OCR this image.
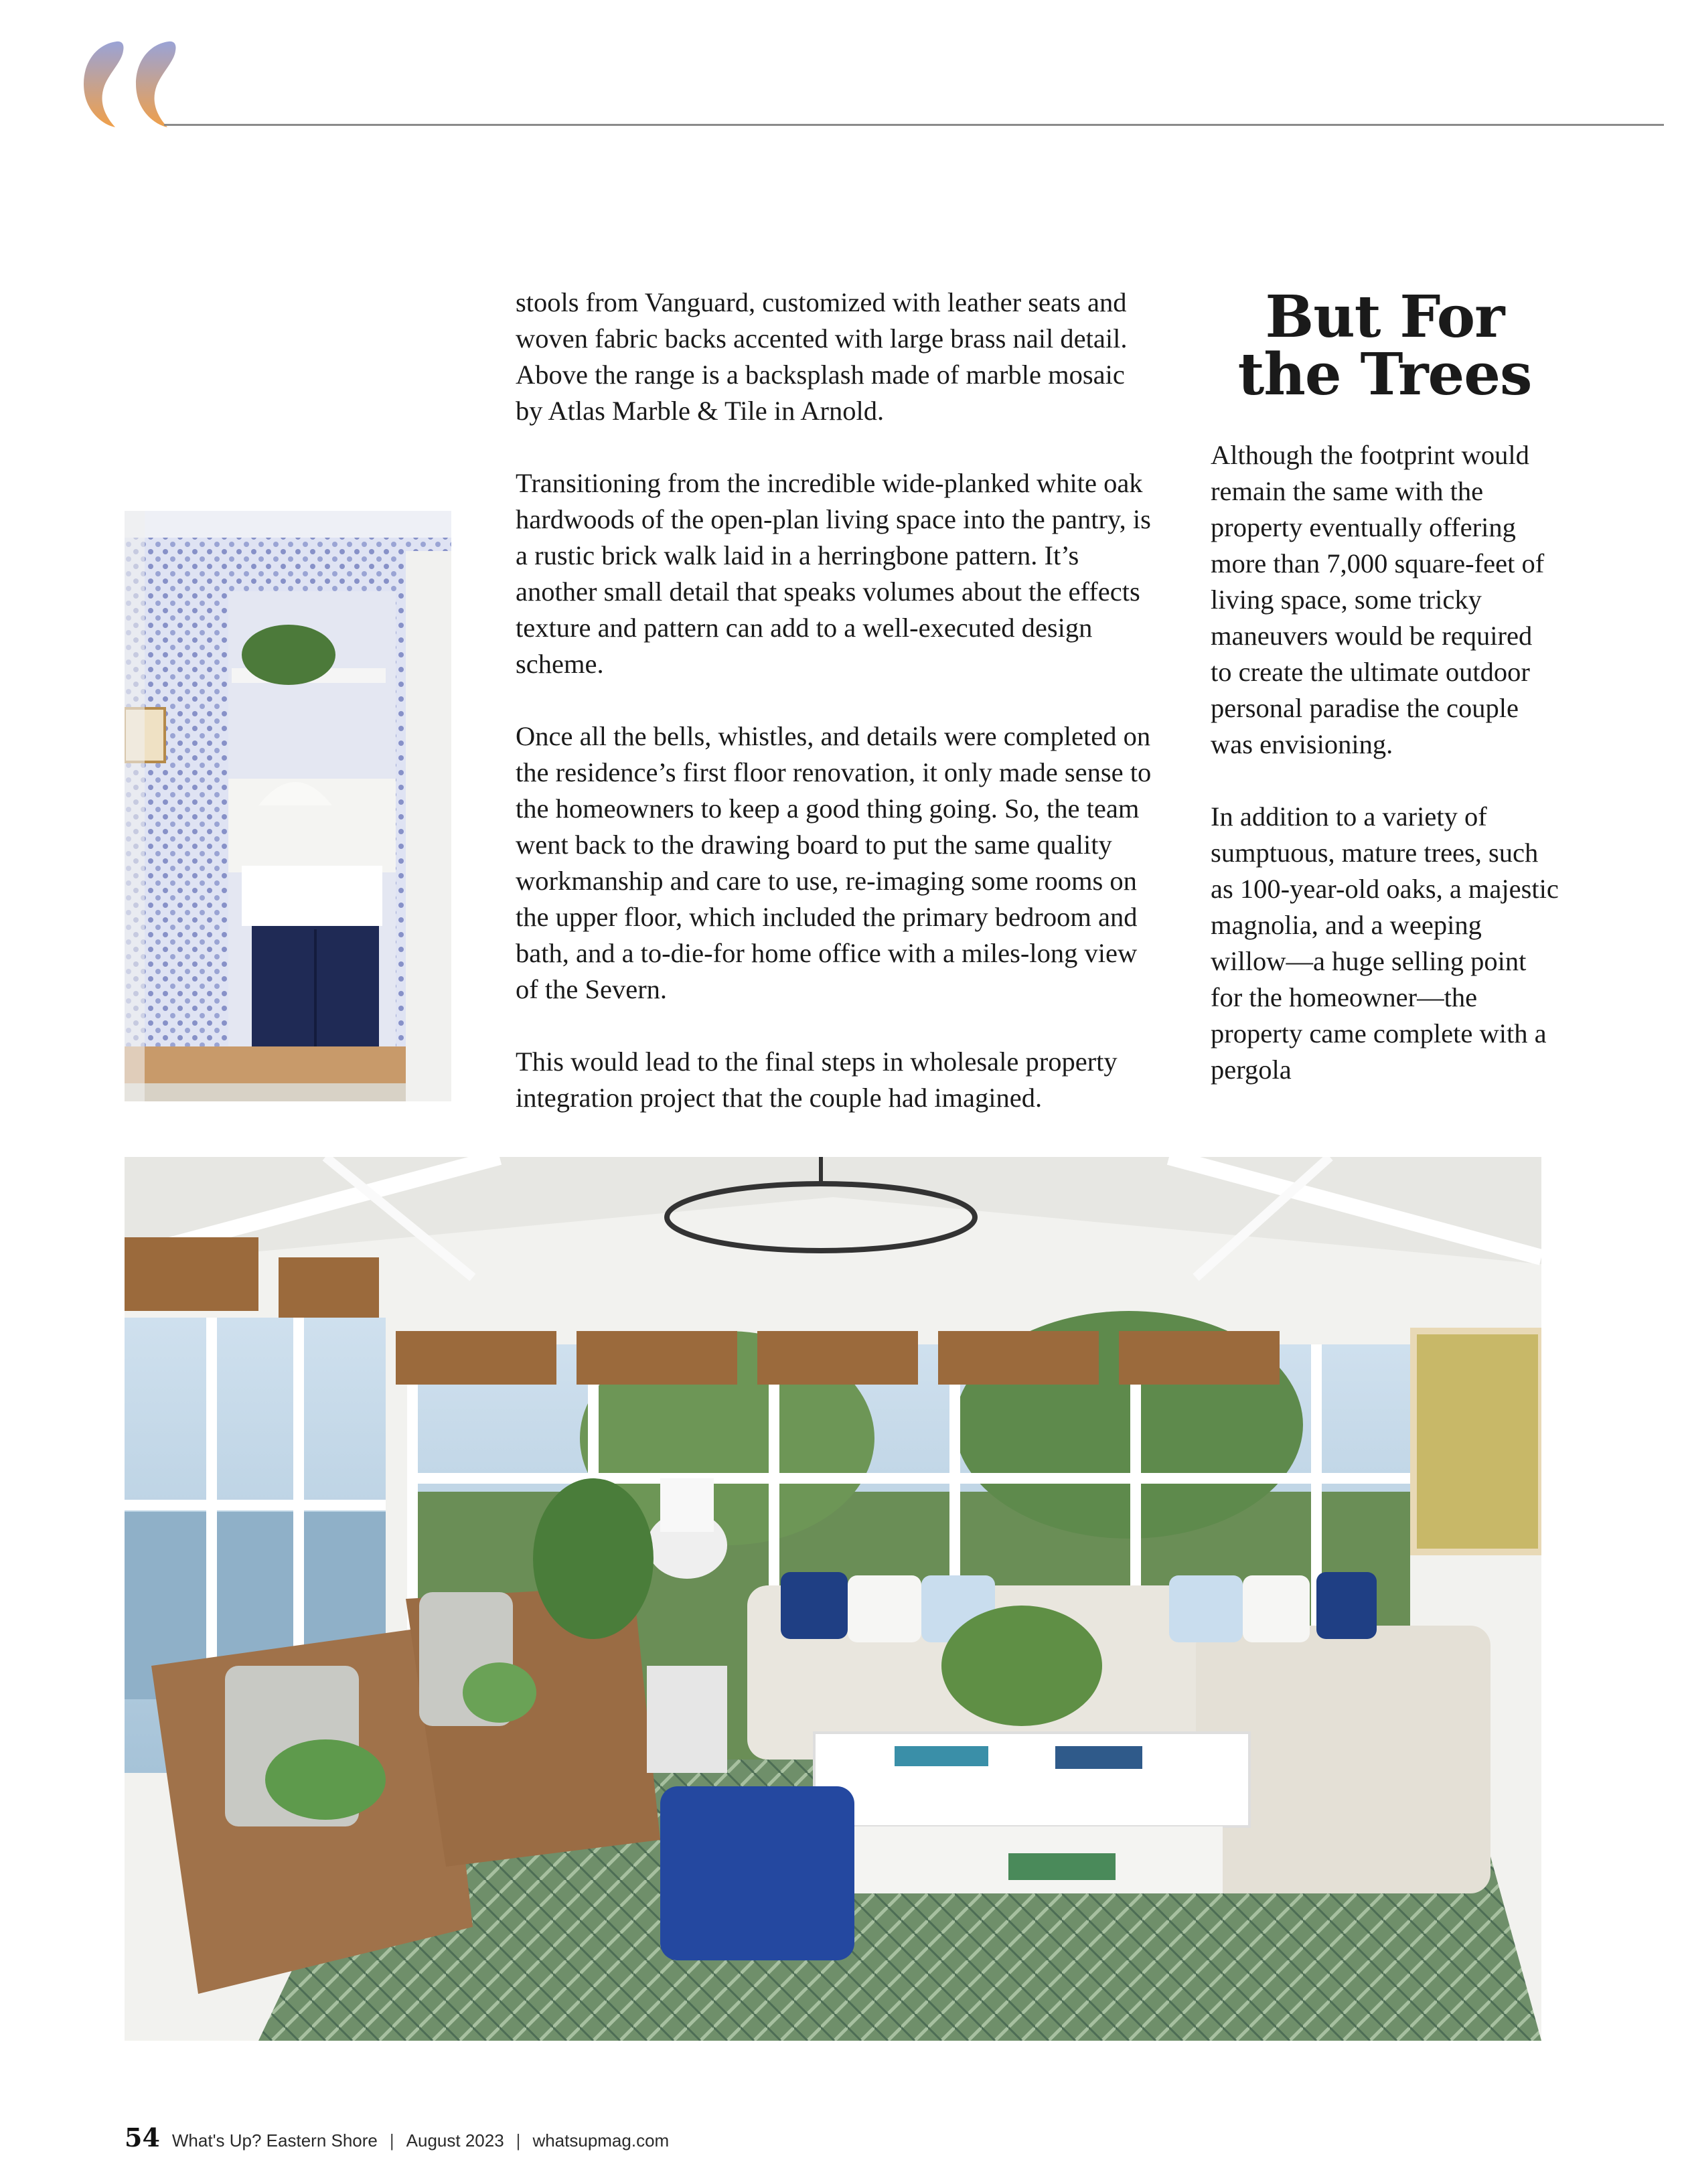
stools from Vanguard, customized with leather seats and woven fabric backs accented with large brass nail detail. Above the range is a backsplash made of marble mosaic by Atlas Marble & Tile in Arnold.

Transitioning from the incredible wide-planked white oak hardwoods of the open-plan living space into the pantry, is a rustic brick walk laid in a herringbone pattern. It’s another small detail that speaks volumes about the effects texture and pattern can add to a well-executed design scheme.

Once all the bells, whistles, and details were completed on the residence’s first floor renovation, it only made sense to the homeowners to keep a good thing going. So, the team went back to the drawing board to put the same quality workmanship and care to use, re-imaging some rooms on the upper floor, which included the primary bedroom and bath, and a to-die-for home office with a miles-long view of the Severn.

This would lead to the final steps in wholesale property integration project that the couple had imagined.

But For
the Trees

Although the footprint would remain the same with the property eventually offering more than 7,000 square-feet of living space, some tricky maneuvers would be required to create the ultimate outdoor personal paradise the couple was envisioning.

In addition to a variety of sumptuous, mature trees, such as 100-year-old oaks, a majestic magnolia, and a weeping willow—a huge selling point for the homeowner—the property came complete with a pergola

54 What's Up? Eastern Shore | August 2023 | whatsupmag.com
